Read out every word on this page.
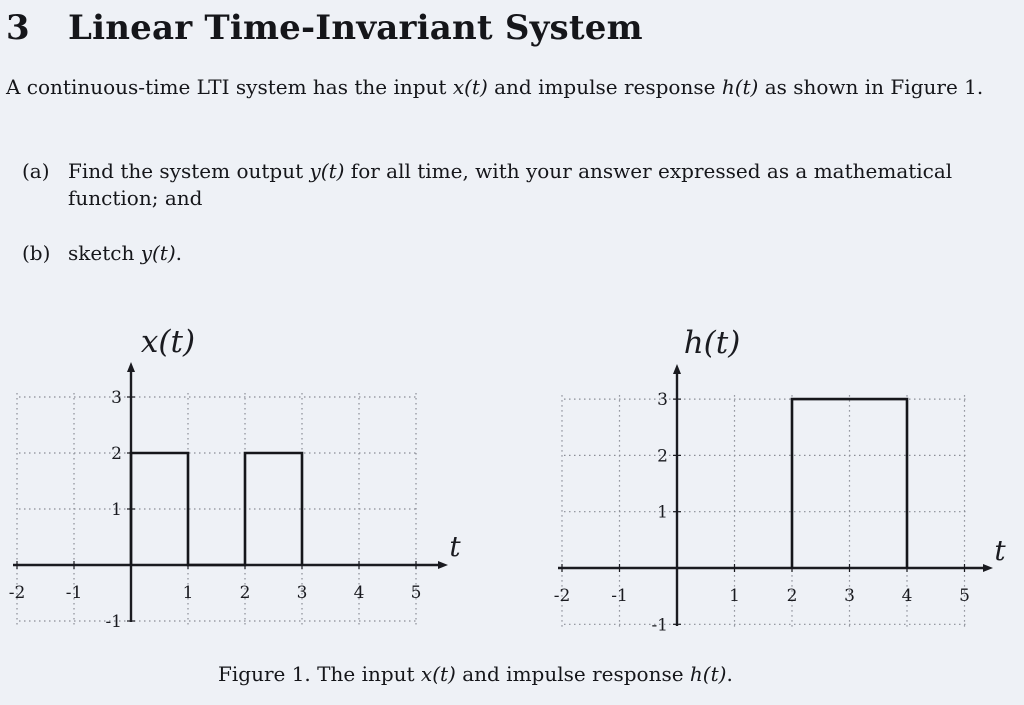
3 Linear Time-Invariant System
A continuous-time LTI system has the input x(t) and impulse response h(t) as shown in Figure 1.
(a) Find the system output y(t) for all time, with your answer expressed as a mathematical function; and
(b) sketch y(t).
-2 -1	1	2	3	4	5
3
2
1
-1
x(t)
t
-2 -1	1	2	3	4	5
3
2
1
-1
h(t)
t
Figure 1. The input x(t) and impulse response h(t).
